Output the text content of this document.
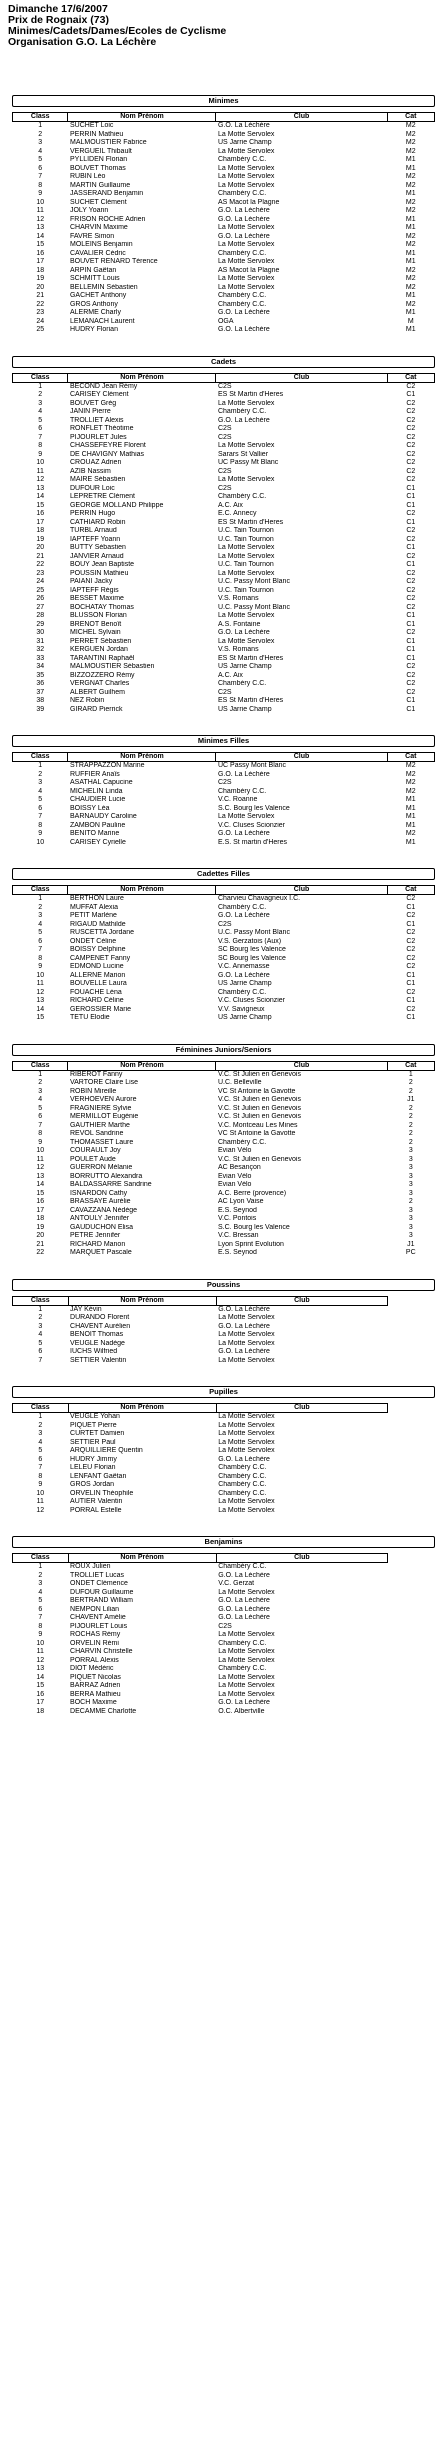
Dimanche 17/6/2007
Prix de Rognaix (73)
Minimes/Cadets/Dames/Ecoles de Cyclisme
Organisation G.O. La Léchère
Minimes
Class	Nom Prénom	Club	Cat
1	SUCHET Loic	G.O. La Léchère	M2
2	PERRIN Mathieu	La Motte Servolex	M2
3	MALMOUSTIER Fabrice	US Jarrie Champ	M2
4	VERGUEIL Thibault	La Motte Servolex	M2
5	PYLLIDEN Florian	Chambéry C.C.	M1
6	BOUVET Thomas	La Motte Servolex	M1
7	RUBIN Léo	La Motte Servolex	M2
8	MARTIN Guillaume	La Motte Servolex	M2
9	JASSERAND Benjamin	Chambéry C.C.	M1
10	SUCHET Clément	AS Macot la Plagne	M2
11	JOLY Yoann	G.O. La Léchère	M2
12	FRISON ROCHE Adrien	G.O. La Léchère	M1
13	CHARVIN Maxime	La Motte Servolex	M1
14	FAVRE Simon	G.O. La Léchère	M2
15	MOLEINS Benjamin	La Motte Servolex	M2
16	CAVALIER Cédric	Chambéry C.C.	M1
17	BOUVET RENARD Térence	La Motte Servolex	M1
18	ARPIN Gaëtan	AS Macot la Plagne	M2
19	SCHMITT Louis	La Motte Servolex	M2
20	BELLEMIN Sébastien	La Motte Servolex	M2
21	GACHET Anthony	Chambéry C.C.	M1
22	GROS Anthony	Chambéry C.C.	M2
23	ALERME Charly	G.O. La Léchère	M1
24	LEMANACH Laurent	OGA	M
25	HUDRY Florian	G.O. La Léchère	M1
Cadets
Class	Nom Prénom	Club	Cat
1	BECOND Jean Rémy	C2S	C2
2	CARISEY Clément	ES St Martin d'Heres	C1
3	BOUVET Grég	La Motte Servolex	C2
4	JANIN Pierre	Chambéry C.C.	C2
5	TROLLIET Alexis	G.O. La Léchère	C2
6	RONFLET Théotime	C2S	C2
7	PIJOURLET Jules	C2S	C2
8	CHASSEFEYRE Florent	La Motte Servolex	C2
9	DE CHAVIGNY Mathias	Sarars St Vallier	C2
10	CROUAZ Adrien	UC Passy Mt Blanc	C2
11	AZIB Nassim	C2S	C2
12	MAIRE Sébastien	La Motte Servolex	C2
13	DUFOUR Loic	C2S	C1
14	LEPRETRE Clément	Chambéry C.C.	C1
15	GEORGE MOLLAND Philippe	A.C. Aix	C1
16	PERRIN Hugo	E.C. Annecy	C2
17	CATHIARD Robin	ES St Martin d'Heres	C1
18	TURBL Arnaud	U.C. Tain Tournon	C2
19	IAPTEFF Yoann	U.C. Tain Tournon	C2
20	BUTTY Sébastien	La Motte Servolex	C1
21	JANVIER Arnaud	La Motte Servolex	C2
22	BOUY Jean Baptiste	U.C. Tain Tournon	C1
23	POUSSIN Mathieu	La Motte Servolex	C2
24	PAIANI Jacky	U.C. Passy Mont Blanc	C2
25	IAPTEFF Régis	U.C. Tain Tournon	C2
26	BESSET Maxime	V.S. Romans	C2
27	BOCHATAY Thomas	U.C. Passy Mont Blanc	C2
28	BLUSSON Florian	La Motte Servolex	C1
29	BRENOT Benoît	A.S. Fontaine	C1
30	MICHEL Sylvain	G.O. La Léchère	C2
31	PERRET Sébastien	La Motte Servolex	C1
32	KERGUEN Jordan	V.S. Romans	C1
33	TARANTINI Raphaël	ES St Martin d'Heres	C1
34	MALMOUSTIER Sébastien	US Jarrie Champ	C2
35	BIZZOZZERO Rémy	A.C. Aix	C2
36	VERGNAT Charles	Chambéry C.C.	C2
37	ALBERT Guilhem	C2S	C2
38	NEZ Robin	ES St Martin d'Heres	C1
39	GIRARD Pierrick	US Jarrie Champ	C1
Minimes Filles
Class	Nom Prénom	Club	Cat
1	STRAPPAZZON Marine	UC Passy Mont Blanc	M2
2	RUFFIER Anaïs	G.O. La Léchère	M2
3	ASATHAL Capucine	C2S	M2
4	MICHELIN Linda	Chambéry C.C.	M2
5	CHAUDIER Lucie	V.C. Roanne	M1
6	BOISSY Léa	S.C. Bourg les Valence	M1
7	BARNAUDY Caroline	La Motte Servolex	M1
8	ZAMBON Pauline	V.C. Cluses Scionzier	M1
9	BENITO Marine	G.O. La Léchère	M2
10	CARISEY Cyrielle	E.S. St martin d'Heres	M1
Cadettes Filles
Class	Nom Prénom	Club	Cat
1	BERTHON Laure	Charvieu Chavagneux I.C.	C2
2	MUFFAT Alexia	Chambéry C.C.	C1
3	PETIT Marlène	G.O. La Léchère	C2
4	RIGAUD Mathilde	C2S	C1
5	RUSCETTA Jordane	U.C. Passy Mont Blanc	C2
6	ONDET Céline	V.S. Gerzatois (Aux)	C2
7	BOISSY Delphine	SC Bourg les Valence	C2
8	CAMPENET Fanny	SC Bourg les Valence	C2
9	EDMOND Lucine	V.C. Annemasse	C2
10	ALLERNE Marion	G.O. La Léchère	C1
11	BOUVELLE Laura	US Jarrie Champ	C1
12	FOUACHE Léna	Chambéry C.C.	C2
13	RICHARD Céline	V.C. Cluses Scionzier	C1
14	GEROSSIER Marie	V.V. Savigneux	C2
15	TETU Elodie	US Jarrie Champ	C1
Féminines Juniors/Seniors
Class	Nom Prénom	Club	Cat
1	RIBEROT Fanny	V.C. St Julien en Genevois	1
2	VARTORE Claire Lise	U.C. Belleville	2
3	ROBIN Mireille	VC St Antoine la Gavotte	2
4	VERHOEVEN Aurore	V.C. St Julien en Genevois	J1
5	FRAGNIERE Sylvie	V.C. St Julien en Genevois	2
6	MERMILLOT Eugénie	V.C. St Julien en Genevois	2
7	GAUTHIER Marthe	V.C. Montceau Les Mines	2
8	REVOL Sandrine	VC St Antoine la Gavotte	2
9	THOMASSET Laure	Chambéry C.C.	2
10	COURAULT Joy	Evian Vélo	3
11	POULET Aude	V.C. St Julien en Genevois	3
12	GUERRON Mélanie	AC Besançon	3
13	BORRUTTO Alexandra	Evian Vélo	3
14	BALDASSARRE Sandrine	Evian Vélo	3
15	ISNARDON Cathy	A.C. Berre (provence)	3
16	BRASSAYE Aurélie	AC Lyon Vaise	2
17	CAVAZZANA Nédège	E.S. Seynod	3
18	ANTOULY Jennifer	V.C. Pontois	3
19	GAUDUCHON Elisa	S.C. Bourg les Valence	3
20	PETRE Jennifer	V.C. Bressan	3
21	RICHARD Manon	Lyon Sprint Evolution	J1
22	MARQUET Pascale	E.S. Seynod	PC
Poussins
Class	Nom Prénom	Club	
1	JAY Kévin	G.O. La Léchère	
2	DURANDO Florent	La Motte Servolex	
3	CHAVENT Aurélien	G.O. La Léchère	
4	BENOIT Thomas	La Motte Servolex	
5	VEUGLE Nadège	La Motte Servolex	
6	IUCHS Wilfried	G.O. La Léchère	
7	SETTIER Valentin	La Motte Servolex	
Pupilles
Class	Nom Prénom	Club	
1	VEUGLE Yohan	La Motte Servolex	
2	PIQUET Pierre	La Motte Servolex	
3	CURTET Damien	La Motte Servolex	
4	SETTIER Paul	La Motte Servolex	
5	ARQUILLIERE Quentin	La Motte Servolex	
6	HUDRY Jimmy	G.O. La Léchère	
7	LELEU Florian	Chambéry C.C.	
8	LENFANT Gaëtan	Chambéry C.C.	
9	GROS Jordan	Chambéry C.C.	
10	ORVELIN Théophile	Chambéry C.C.	
11	AUTIER Valentin	La Motte Servolex	
12	PORRAL Estelle	La Motte Servolex	
Benjamins
Class	Nom Prénom	Club	
1	ROUX Julien	Chambéry C.C.	
2	TROLLIET Lucas	G.O. La Léchère	
3	ONDET Clémence	V.C. Gerzat	
4	DUFOUR Guillaume	La Motte Servolex	
5	BERTRAND William	G.O. La Léchère	
6	NEMPON Lilian	G.O. La Léchère	
7	CHAVENT Amélie	G.O. La Léchère	
8	PIJOURLET Louis	C2S	
9	ROCHAS Rémy	La Motte Servolex	
10	ORVELIN Rémi	Chambéry C.C.	
11	CHARVIN Christelle	La Motte Servolex	
12	PORRAL Alexis	La Motte Servolex	
13	DIOT Médéric	Chambéry C.C.	
14	PIQUET Nicolas	La Motte Servolex	
15	BARRAZ Adrien	La Motte Servolex	
16	BERRA Mathieu	La Motte Servolex	
17	BOCH Maxime	G.O. La Léchère	
18	DECAMME Charlotte	O.C. Albertville	
